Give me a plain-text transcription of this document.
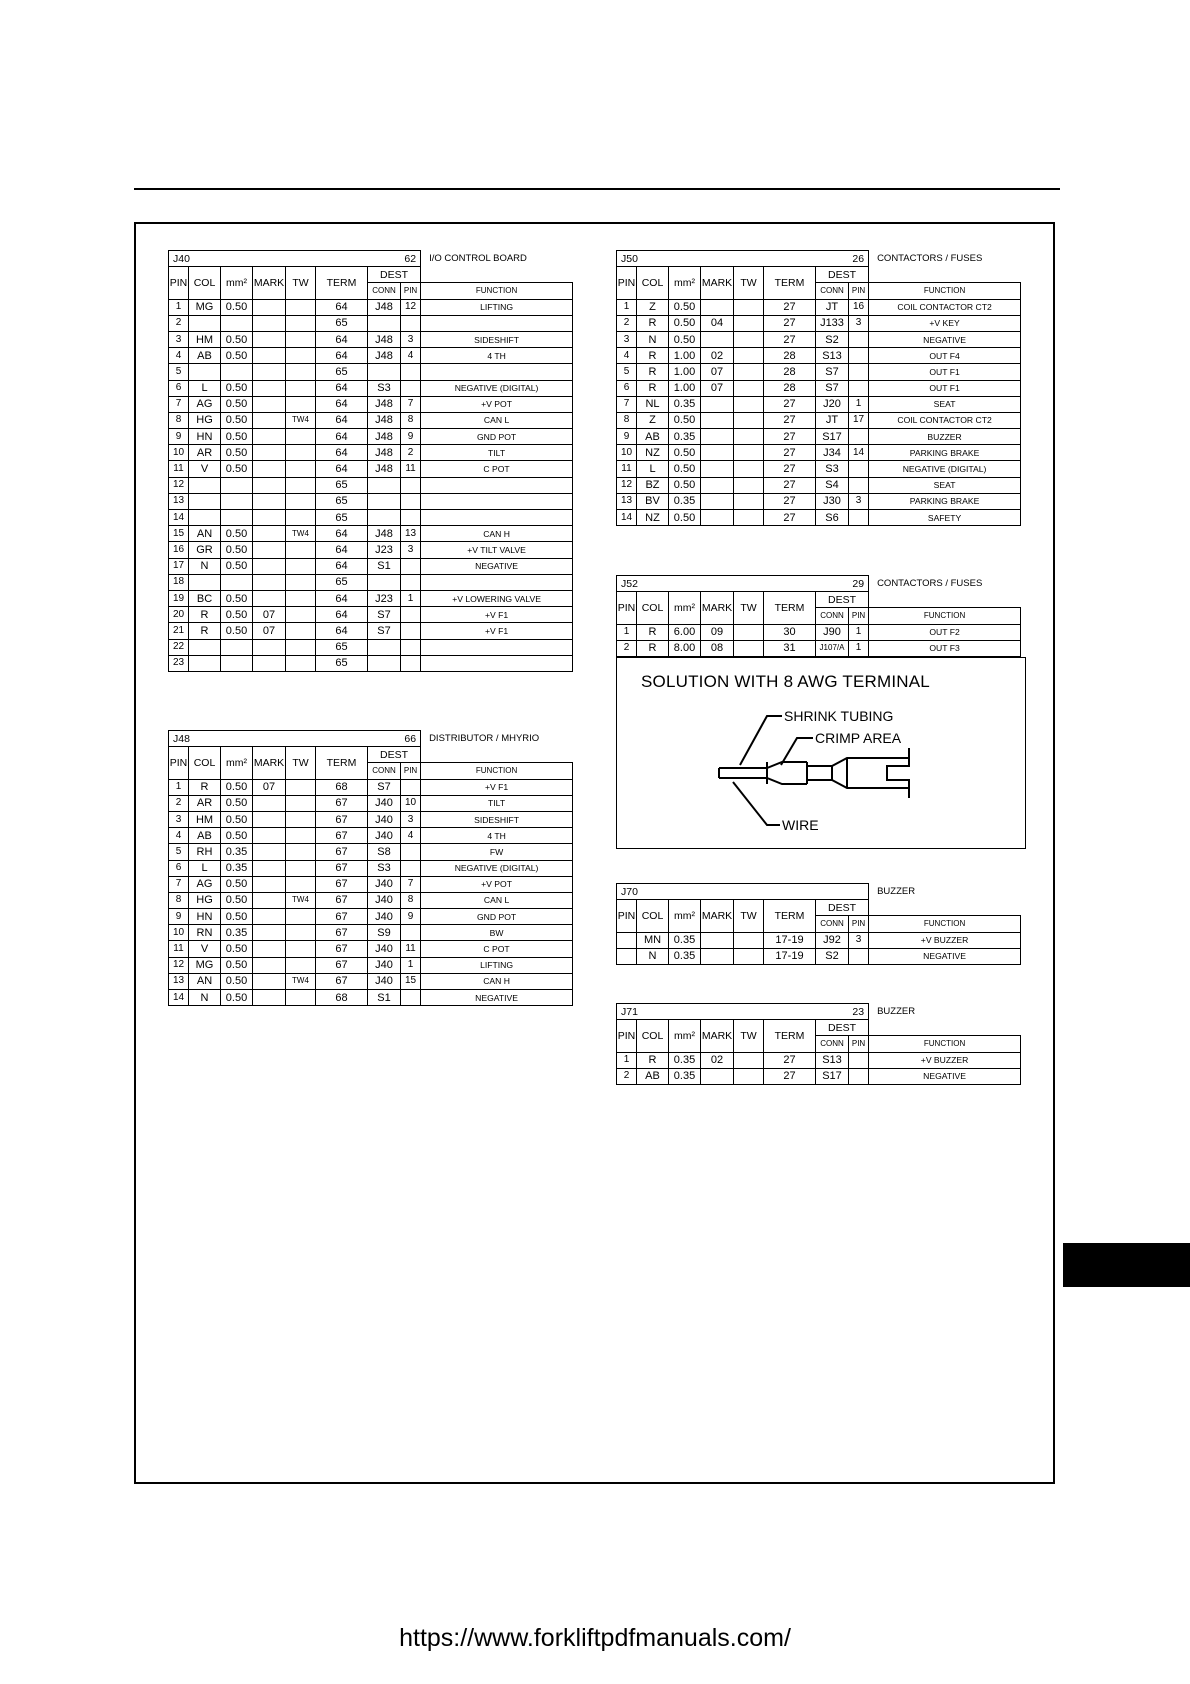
J40 62								I/O CONTROL BOARD
PIN	COL	mm²	MARK	TW	TERM	DEST		
						CONN	PIN	FUNCTION
1	MG	0.50			64	J48	12	LIFTING
2					65			
3	HM	0.50			64	J48	3	SIDESHIFT
4	AB	0.50			64	J48	4	4 TH
5					65			
6	L	0.50			64	S3		NEGATIVE (DIGITAL)
7	AG	0.50			64	J48	7	+V POT
8	HG	0.50		TW4	64	J48	8	CAN L
9	HN	0.50			64	J48	9	GND POT
10	AR	0.50			64	J48	2	TILT
11	V	0.50			64	J48	11	C POT
12					65			
13					65			
14					65			
15	AN	0.50		TW4	64	J48	13	CAN H
16	GR	0.50			64	J23	3	+V TILT VALVE
17	N	0.50			64	S1		NEGATIVE
18					65			
19	BC	0.50			64	J23	1	+V LOWERING VALVE
20	R	0.50	07		64	S7		+V F1
21	R	0.50	07		64	S7		+V F1
22					65			
23					65			
J48 66								DISTRIBUTOR / MHYRIO
PIN	COL	mm²	MARK	TW	TERM	DEST		
						CONN	PIN	FUNCTION
1	R	0.50	07		68	S7		+V F1
2	AR	0.50			67	J40	10	TILT
3	HM	0.50			67	J40	3	SIDESHIFT
4	AB	0.50			67	J40	4	4 TH
5	RH	0.35			67	S8		FW
6	L	0.35			67	S3		NEGATIVE (DIGITAL)
7	AG	0.50			67	J40	7	+V POT
8	HG	0.50		TW4	67	J40	8	CAN L
9	HN	0.50			67	J40	9	GND POT
10	RN	0.35			67	S9		BW
11	V	0.50			67	J40	11	C POT
12	MG	0.50			67	J40	1	LIFTING
13	AN	0.50		TW4	67	J40	15	CAN H
14	N	0.50			68	S1		NEGATIVE
J50 26								CONTACTORS / FUSES
PIN	COL	mm²	MARK	TW	TERM	DEST		
						CONN	PIN	FUNCTION
1	Z	0.50			27	JT	16	COIL CONTACTOR CT2
2	R	0.50	04		27	J133	3	+V KEY
3	N	0.50			27	S2		NEGATIVE
4	R	1.00	02		28	S13		OUT F4
5	R	1.00	07		28	S7		OUT F1
6	R	1.00	07		28	S7		OUT F1
7	NL	0.35			27	J20	1	SEAT
8	Z	0.50			27	JT	17	COIL CONTACTOR CT2
9	AB	0.35			27	S17		BUZZER
10	NZ	0.50			27	J34	14	PARKING BRAKE
11	L	0.50			27	S3		NEGATIVE (DIGITAL)
12	BZ	0.50			27	S4		SEAT
13	BV	0.35			27	J30	3	PARKING BRAKE
14	NZ	0.50			27	S6		SAFETY
J52 29								CONTACTORS / FUSES
PIN	COL	mm²	MARK	TW	TERM	DEST		
						CONN	PIN	FUNCTION
1	R	6.00	09		30	J90	1	OUT F2
2	R	8.00	08		31	J107/A	1	OUT F3
J70								BUZZER
PIN	COL	mm²	MARK	TW	TERM	DEST		
						CONN	PIN	FUNCTION
	MN	0.35			17-19	J92	3	+V BUZZER
	N	0.35			17-19	S2		NEGATIVE
J71 23								BUZZER
PIN	COL	mm²	MARK	TW	TERM	DEST		
						CONN	PIN	FUNCTION
1	R	0.35	02		27	S13		+V BUZZER
2	AB	0.35			27	S17		NEGATIVE
SOLUTION WITH 8 AWG TERMINAL
SHRINK TUBING
CRIMP AREA
WIRE
https://www.forkliftpdfmanuals.com/
